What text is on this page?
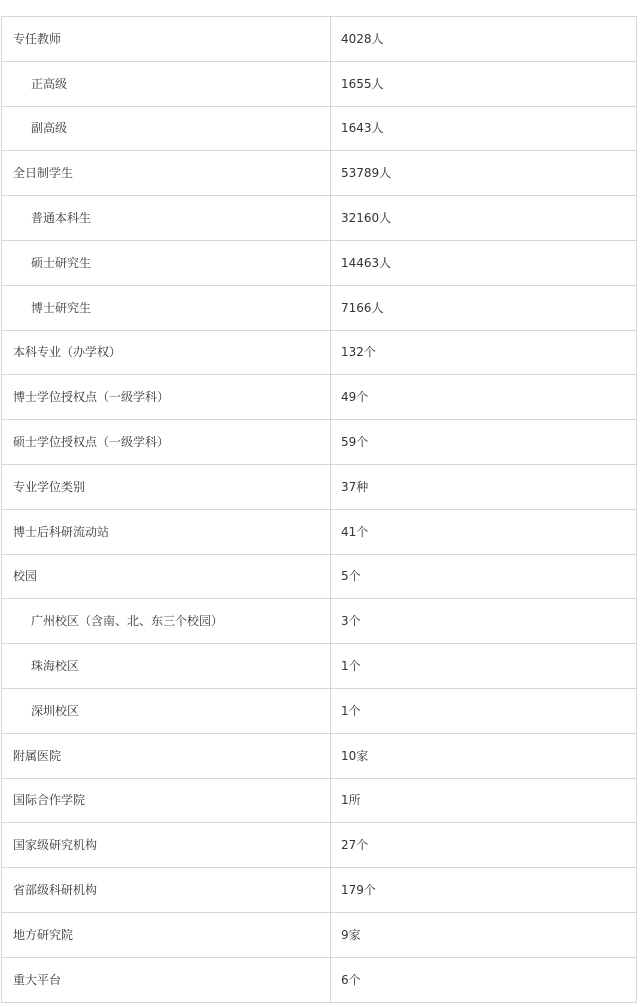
专任教师	4028人
正高级	1655人
副高级	1643人
全日制学生	53789人
普通本科生	32160人
硕士研究生	14463人
博士研究生	7166人
本科专业（办学权）	132个
博士学位授权点（一级学科）	49个
硕士学位授权点（一级学科）	59个
专业学位类别	37种
博士后科研流动站	41个
校园	5个
广州校区（含南、北、东三个校园）	3个
珠海校区	1个
深圳校区	1个
附属医院	10家
国际合作学院	1所
国家级研究机构	27个
省部级科研机构	179个
地方研究院	9家
重大平台	6个
